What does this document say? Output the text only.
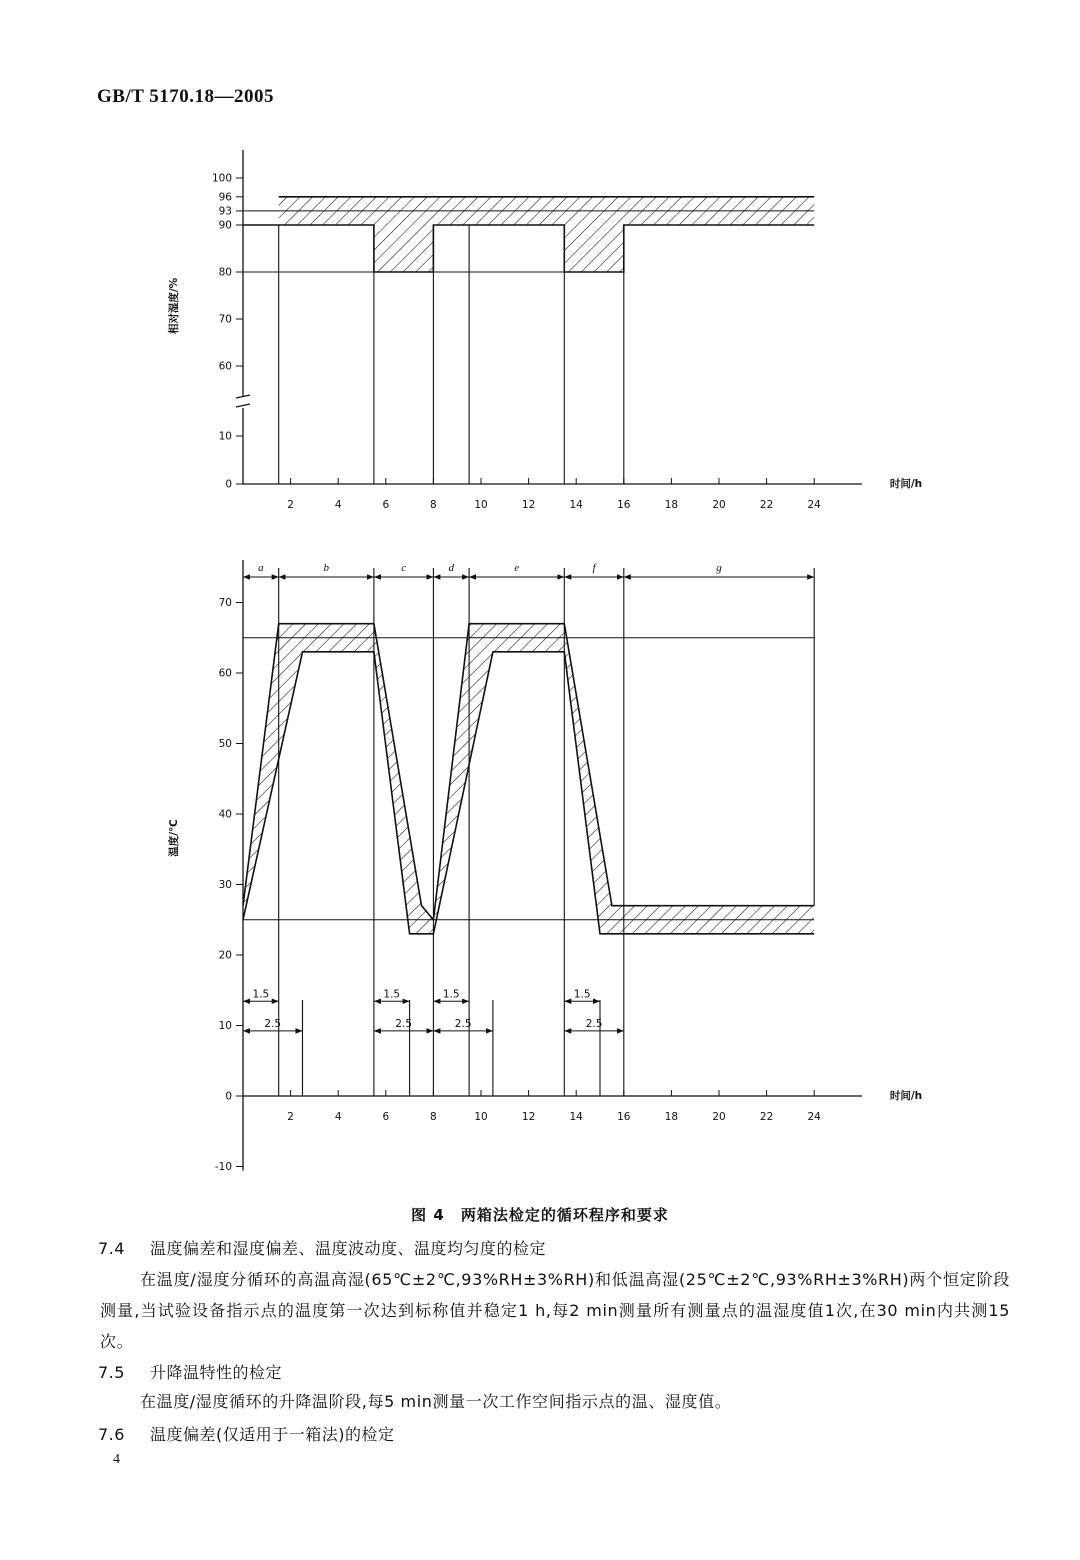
GB/T 5170.18—2005
0
10
60
70
80
90
93
96
100
2	4	6	8	10	12	14	16	18	20	22	24
时间/h
相对湿度/%
a	b	c	d	e	f	g
1.5
2.5
1.5
2.5
1.5
2.5
1.5
2.5
-10
0
10
20
30
40
50
60
70
2	4	6	8	10	12	14	16	18	20	22	24
时间/h
温度/℃
图 4　两箱法检定的循环程序和要求
7.4 温度偏差和湿度偏差、温度波动度、温度均匀度的检定
在温度/湿度分循环的高温高湿(65℃±2℃,93%RH±3%RH)和低温高湿(25℃±2℃,93%RH±3%RH)两个恒定阶段测量,当试验设备指示点的温度第一次达到标称值并稳定1 h,每2 min测量所有测量点的温湿度值1次,在30 min内共测15次。
7.5 升降温特性的检定
在温度/湿度循环的升降温阶段,每5 min测量一次工作空间指示点的温、湿度值。
7.6 温度偏差(仅适用于一箱法)的检定
4
